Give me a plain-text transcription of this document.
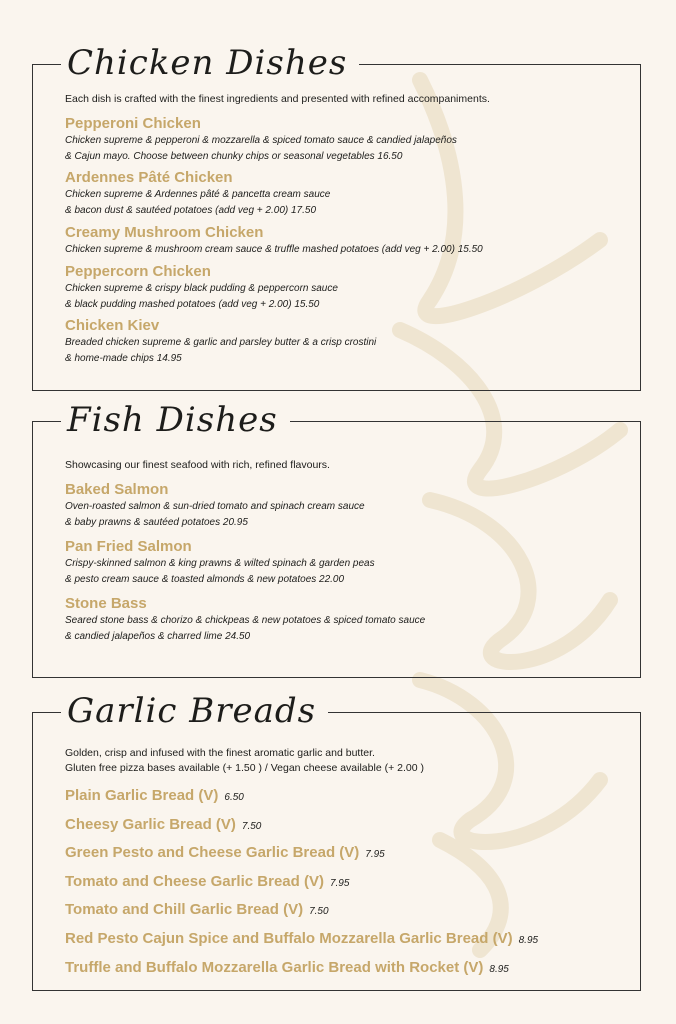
Chicken Dishes
Each dish is crafted with the finest ingredients and presented with refined accompaniments.
Pepperoni Chicken
Chicken supreme & pepperoni & mozzarella & spiced tomato sauce & candied jalapeños
& Cajun mayo. Choose between chunky chips or seasonal vegetables 16.50
Ardennes Pâté Chicken
Chicken supreme & Ardennes pâté & pancetta cream sauce
& bacon dust & sautéed potatoes (add veg + 2.00) 17.50
Creamy Mushroom Chicken
Chicken supreme & mushroom cream sauce & truffle mashed potatoes (add veg + 2.00) 15.50
Peppercorn Chicken
Chicken supreme & crispy black pudding & peppercorn sauce
& black pudding mashed potatoes (add veg + 2.00) 15.50
Chicken Kiev
Breaded chicken supreme & garlic and parsley butter & a crisp crostini
& home-made chips 14.95
Fish Dishes
Showcasing our finest seafood with rich, refined flavours.
Baked Salmon
Oven-roasted salmon & sun-dried tomato and spinach cream sauce
& baby prawns & sautéed potatoes 20.95
Pan Fried Salmon
Crispy-skinned salmon & king prawns & wilted spinach & garden peas
& pesto cream sauce & toasted almonds & new potatoes 22.00
Stone Bass
Seared stone bass & chorizo & chickpeas & new potatoes & spiced tomato sauce
& candied jalapeños & charred lime 24.50
Garlic Breads
Golden, crisp and infused with the finest aromatic garlic and butter.
Gluten free pizza bases available (+ 1.50 ) / Vegan cheese available (+ 2.00 )
Plain Garlic Bread (V) 6.50
Cheesy Garlic Bread (V) 7.50
Green Pesto and Cheese Garlic Bread (V) 7.95
Tomato and Cheese Garlic Bread (V) 7.95
Tomato and Chill Garlic Bread (V) 7.50
Red Pesto Cajun Spice and Buffalo Mozzarella Garlic Bread (V) 8.95
Truffle and Buffalo Mozzarella Garlic Bread with Rocket (V) 8.95
